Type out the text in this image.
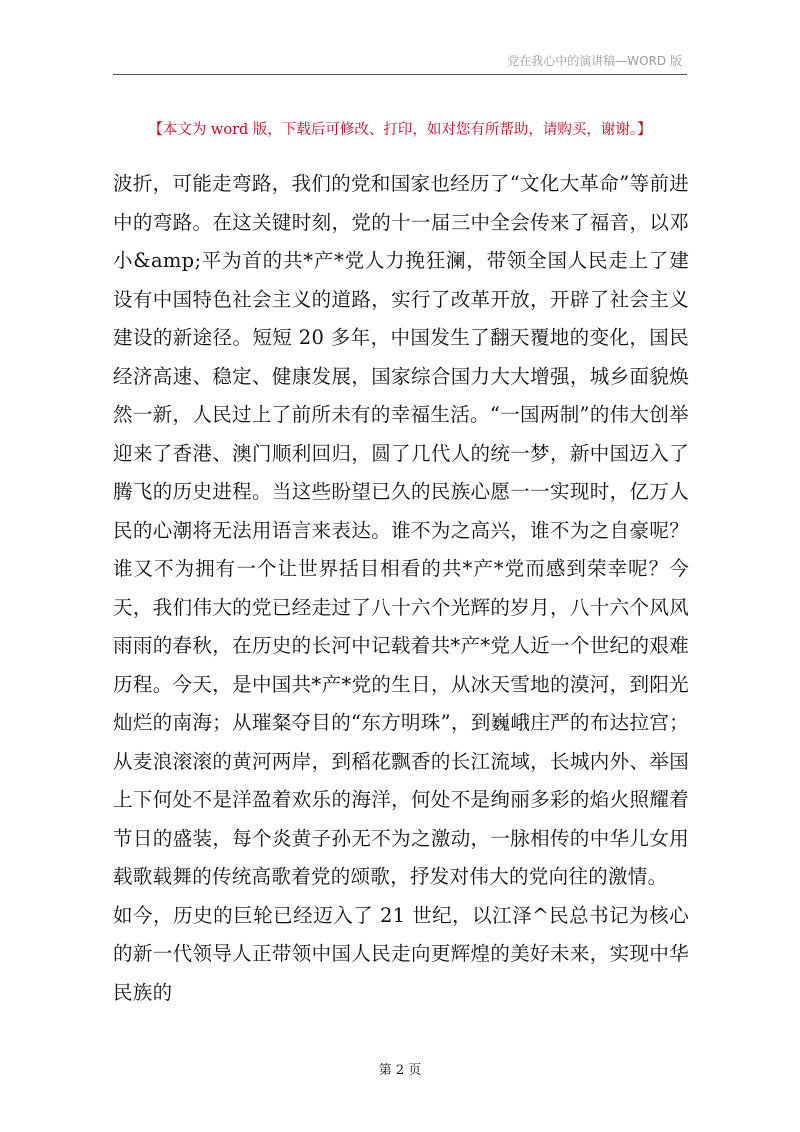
党在我心中的演讲稿—WORD 版
【本文为 word 版，下载后可修改、打印，如对您有所帮助，请购买，谢谢。】

波折，可能走弯路，我们的党和国家也经历了“文化大革命”等前进中的弯路。在这关键时刻，党的十一届三中全会传来了福音，以邓小&amp;平为首的共*产*党人力挽狂澜，带领全国人民走上了建设有中国特色社会主义的道路，实行了改革开放，开辟了社会主义建设的新途径。短短 20 多年，中国发生了翻天覆地的变化，国民经济高速、稳定、健康发展，国家综合国力大大增强，城乡面貌焕然一新，人民过上了前所未有的幸福生活。“一国两制”的伟大创举迎来了香港、澳门顺利回归，圆了几代人的统一梦，新中国迈入了腾飞的历史进程。当这些盼望已久的民族心愿一一实现时，亿万人民的心潮将无法用语言来表达。谁不为之高兴，谁不为之自豪呢？谁又不为拥有一个让世界括目相看的共*产*党而感到荣幸呢？今天，我们伟大的党已经走过了八十六个光辉的岁月，八十六个风风雨雨的春秋，在历史的长河中记载着共*产*党人近一个世纪的艰难历程。今天，是中国共*产*党的生日，从冰天雪地的漠河，到阳光灿烂的南海；从璀粲夺目的“东方明珠”，到巍峨庄严的布达拉宫；从麦浪滚滚的黄河两岸，到稻花飘香的长江流域，长城内外、举国上下何处不是洋盈着欢乐的海洋，何处不是绚丽多彩的焰火照耀着节日的盛装，每个炎黄子孙无不为之激动，一脉相传的中华儿女用载歌载舞的传统高歌着党的颂歌，抒发对伟大的党向往的激情。

如今，历史的巨轮已经迈入了 21 世纪，以江泽^民总书记为核心的新一代领导人正带领中国人民走向更辉煌的美好未来，实现中华民族的

第 2 页
